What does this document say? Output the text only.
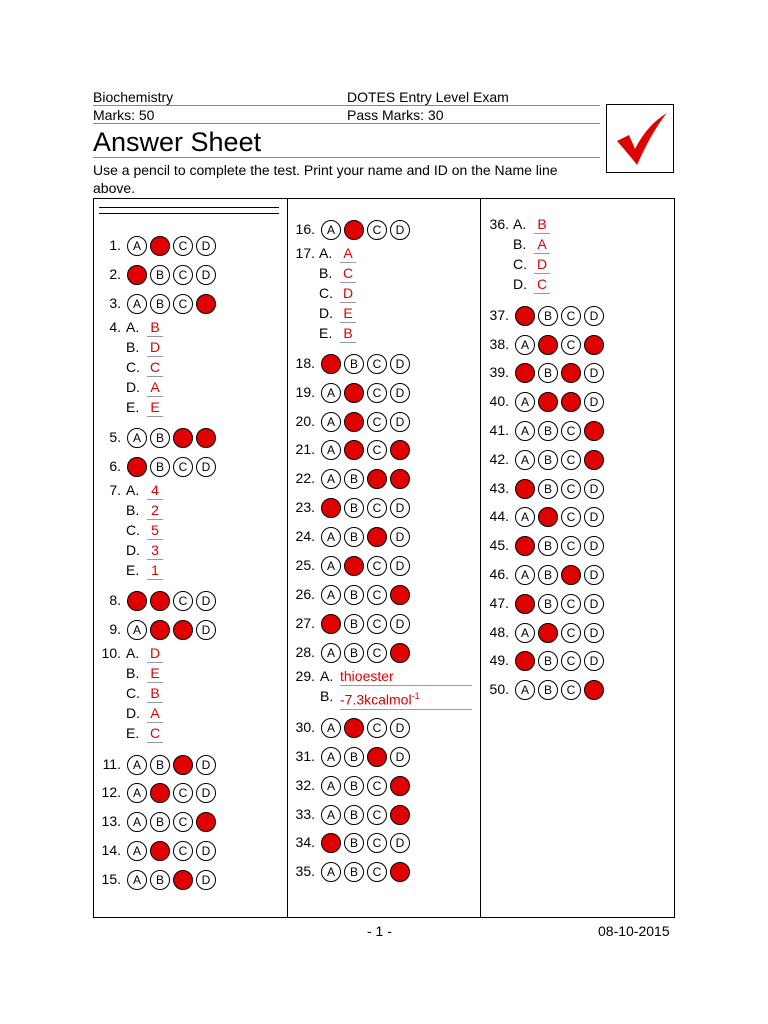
Biochemistry	DOTES Entry Level Exam
Marks: 50	Pass Marks: 30
Answer Sheet
Use a pencil to complete the test. Print your name and ID on the Name line above.
1. A	B	C	D
2. A	B	C	D
3. A	B	C	D
4. A. B
B. D
C. C
D. A
E. E
5. A	B	C	D
6. A	B	C	D
7. A. 4
B. 2
C. 5
D. 3
E. 1
8. A	B	C	D
9. A	B	C	D
10. A. D
B. E
C. B
D. A
E. C
11. A	B	C	D
12. A	B	C	D
13. A	B	C	D
14. A	B	C	D
15. A	B	C	D
16. A	B	C	D
17. A. A
B. C
C. D
D. E
E. B
18. A	B	C	D
19. A	B	C	D
20. A	B	C	D
21. A	B	C	D
22. A	B	C	D
23. A	B	C	D
24. A	B	C	D
25. A	B	C	D
26. A	B	C	D
27. A	B	C	D
28. A	B	C	D
29. A. thioester
B. -7.3kcalmol$^{-1}$
30. A	B	C	D
31. A	B	C	D
32. A	B	C	D
33. A	B	C	D
34. A	B	C	D
35. A	B	C	D
36. A. B
B. A
C. D
D. C
37. A	B	C	D
38. A	B	C	D
39. A	B	C	D
40. A	B	C	D
41. A	B	C	D
42. A	B	C	D
43. A	B	C	D
44. A	B	C	D
45. A	B	C	D
46. A	B	C	D
47. A	B	C	D
48. A	B	C	D
49. A	B	C	D
50. A	B	C	D
- 1 -	08-10-2015
